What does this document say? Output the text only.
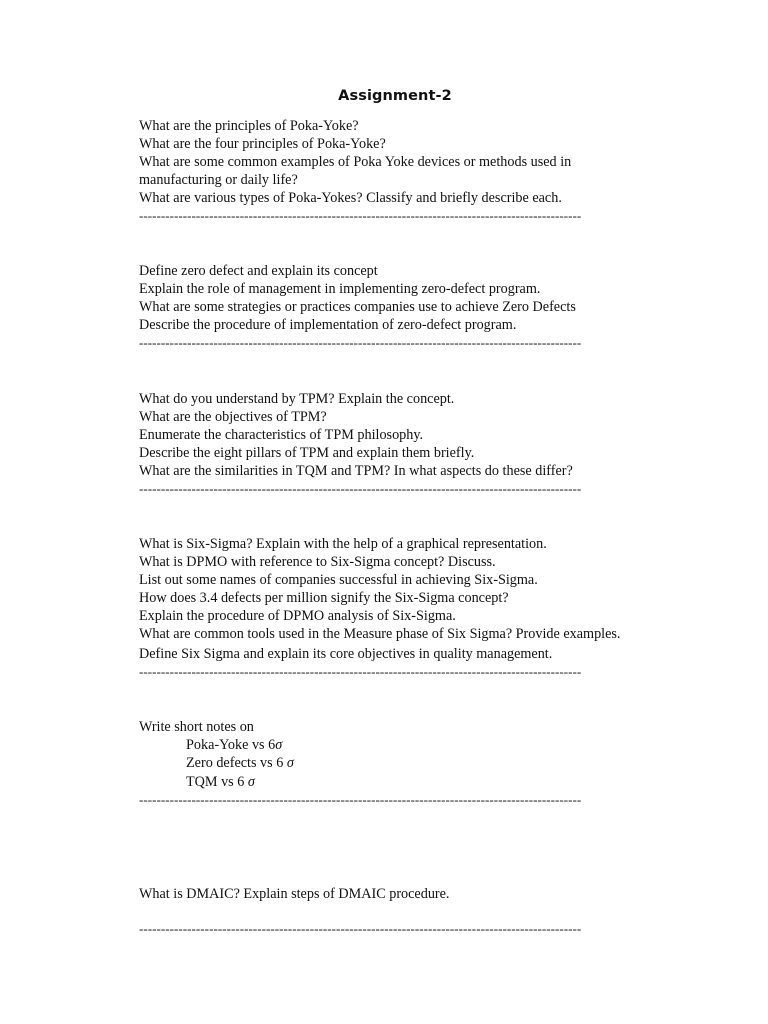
Assignment-2
What are the principles of Poka-Yoke?
What are the four principles of Poka-Yoke?
What are some common examples of Poka Yoke devices or methods used in
manufacturing or daily life?
What are various types of Poka-Yokes? Classify and briefly describe each.
-----------------------------------------------------------------------------------------------------
Define zero defect and explain its concept
Explain the role of management in implementing zero-defect program.
What are some strategies or practices companies use to achieve Zero Defects
Describe the procedure of implementation of zero-defect program.
-----------------------------------------------------------------------------------------------------
What do you understand by TPM? Explain the concept.
What are the objectives of TPM?
Enumerate the characteristics of TPM philosophy.
Describe the eight pillars of TPM and explain them briefly.
What are the similarities in TQM and TPM? In what aspects do these differ?
-----------------------------------------------------------------------------------------------------
What is Six-Sigma? Explain with the help of a graphical representation.
What is DPMO with reference to Six-Sigma concept? Discuss.
List out some names of companies successful in achieving Six-Sigma.
How does 3.4 defects per million signify the Six-Sigma concept?
Explain the procedure of DPMO analysis of Six-Sigma.
What are common tools used in the Measure phase of Six Sigma? Provide examples.
Define Six Sigma and explain its core objectives in quality management.
-----------------------------------------------------------------------------------------------------
Write short notes on
Poka-Yoke vs 6σ
Zero defects vs 6 σ
TQM vs 6 σ
-----------------------------------------------------------------------------------------------------
What is DMAIC? Explain steps of DMAIC procedure.
-----------------------------------------------------------------------------------------------------
